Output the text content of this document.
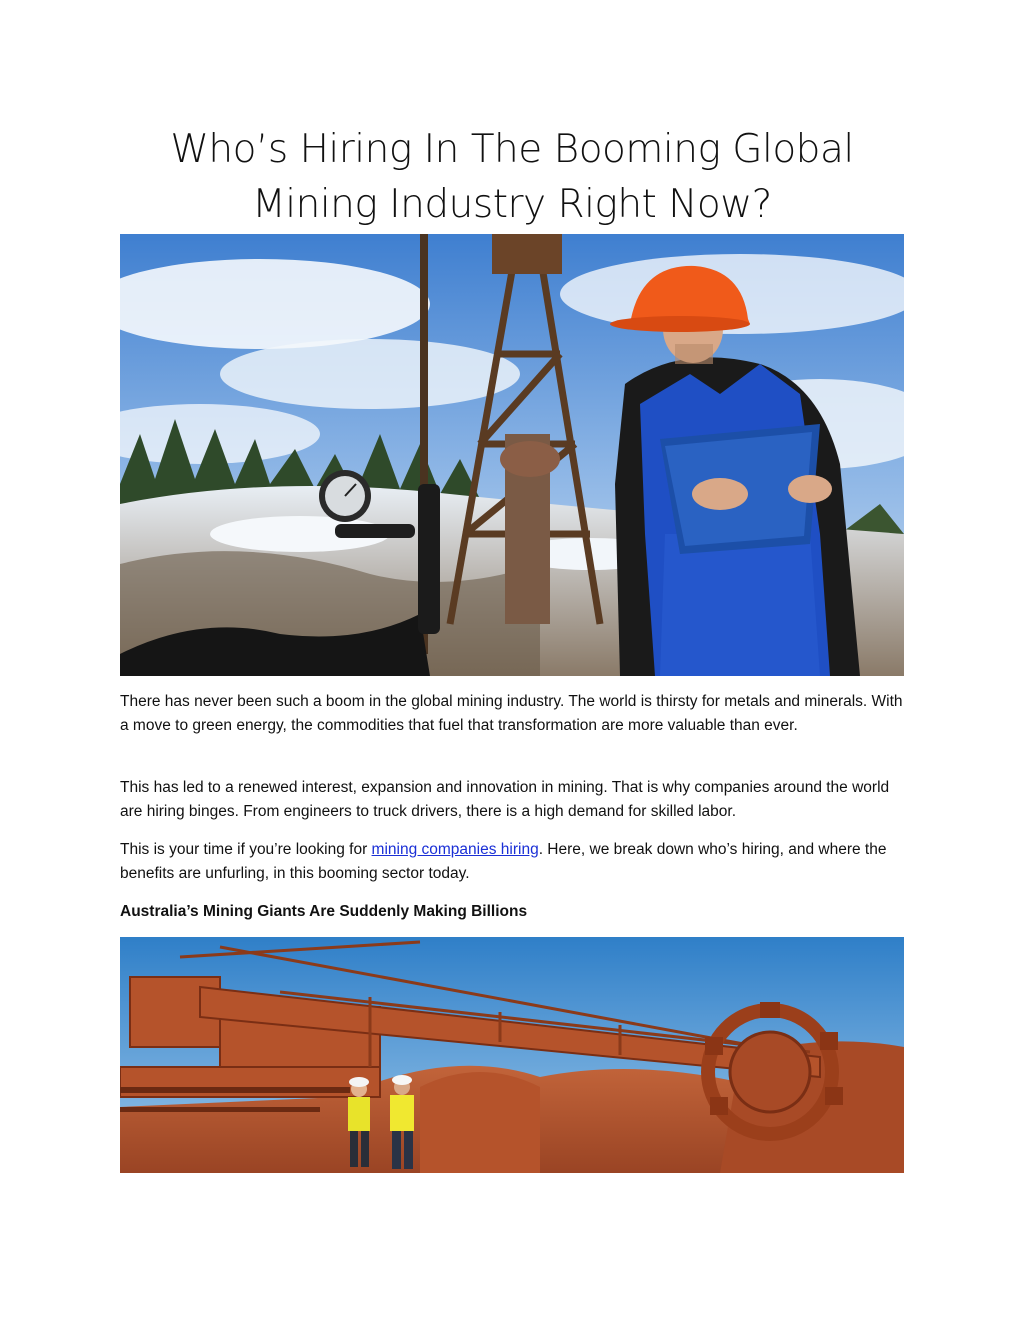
Who’s Hiring In The Booming Global
Mining Industry Right Now?

There has never been such a boom in the global mining industry. The world is thirsty for metals and minerals. With a move to green energy, the commodities that fuel that transformation are more valuable than ever.

This has led to a renewed interest, expansion and innovation in mining. That is why companies around the world are hiring binges. From engineers to truck drivers, there is a high demand for skilled labor.

This is your time if you’re looking for mining companies hiring. Here, we break down who’s hiring, and where the benefits are unfurling, in this booming sector today.

Australia’s Mining Giants Are Suddenly Making Billions
